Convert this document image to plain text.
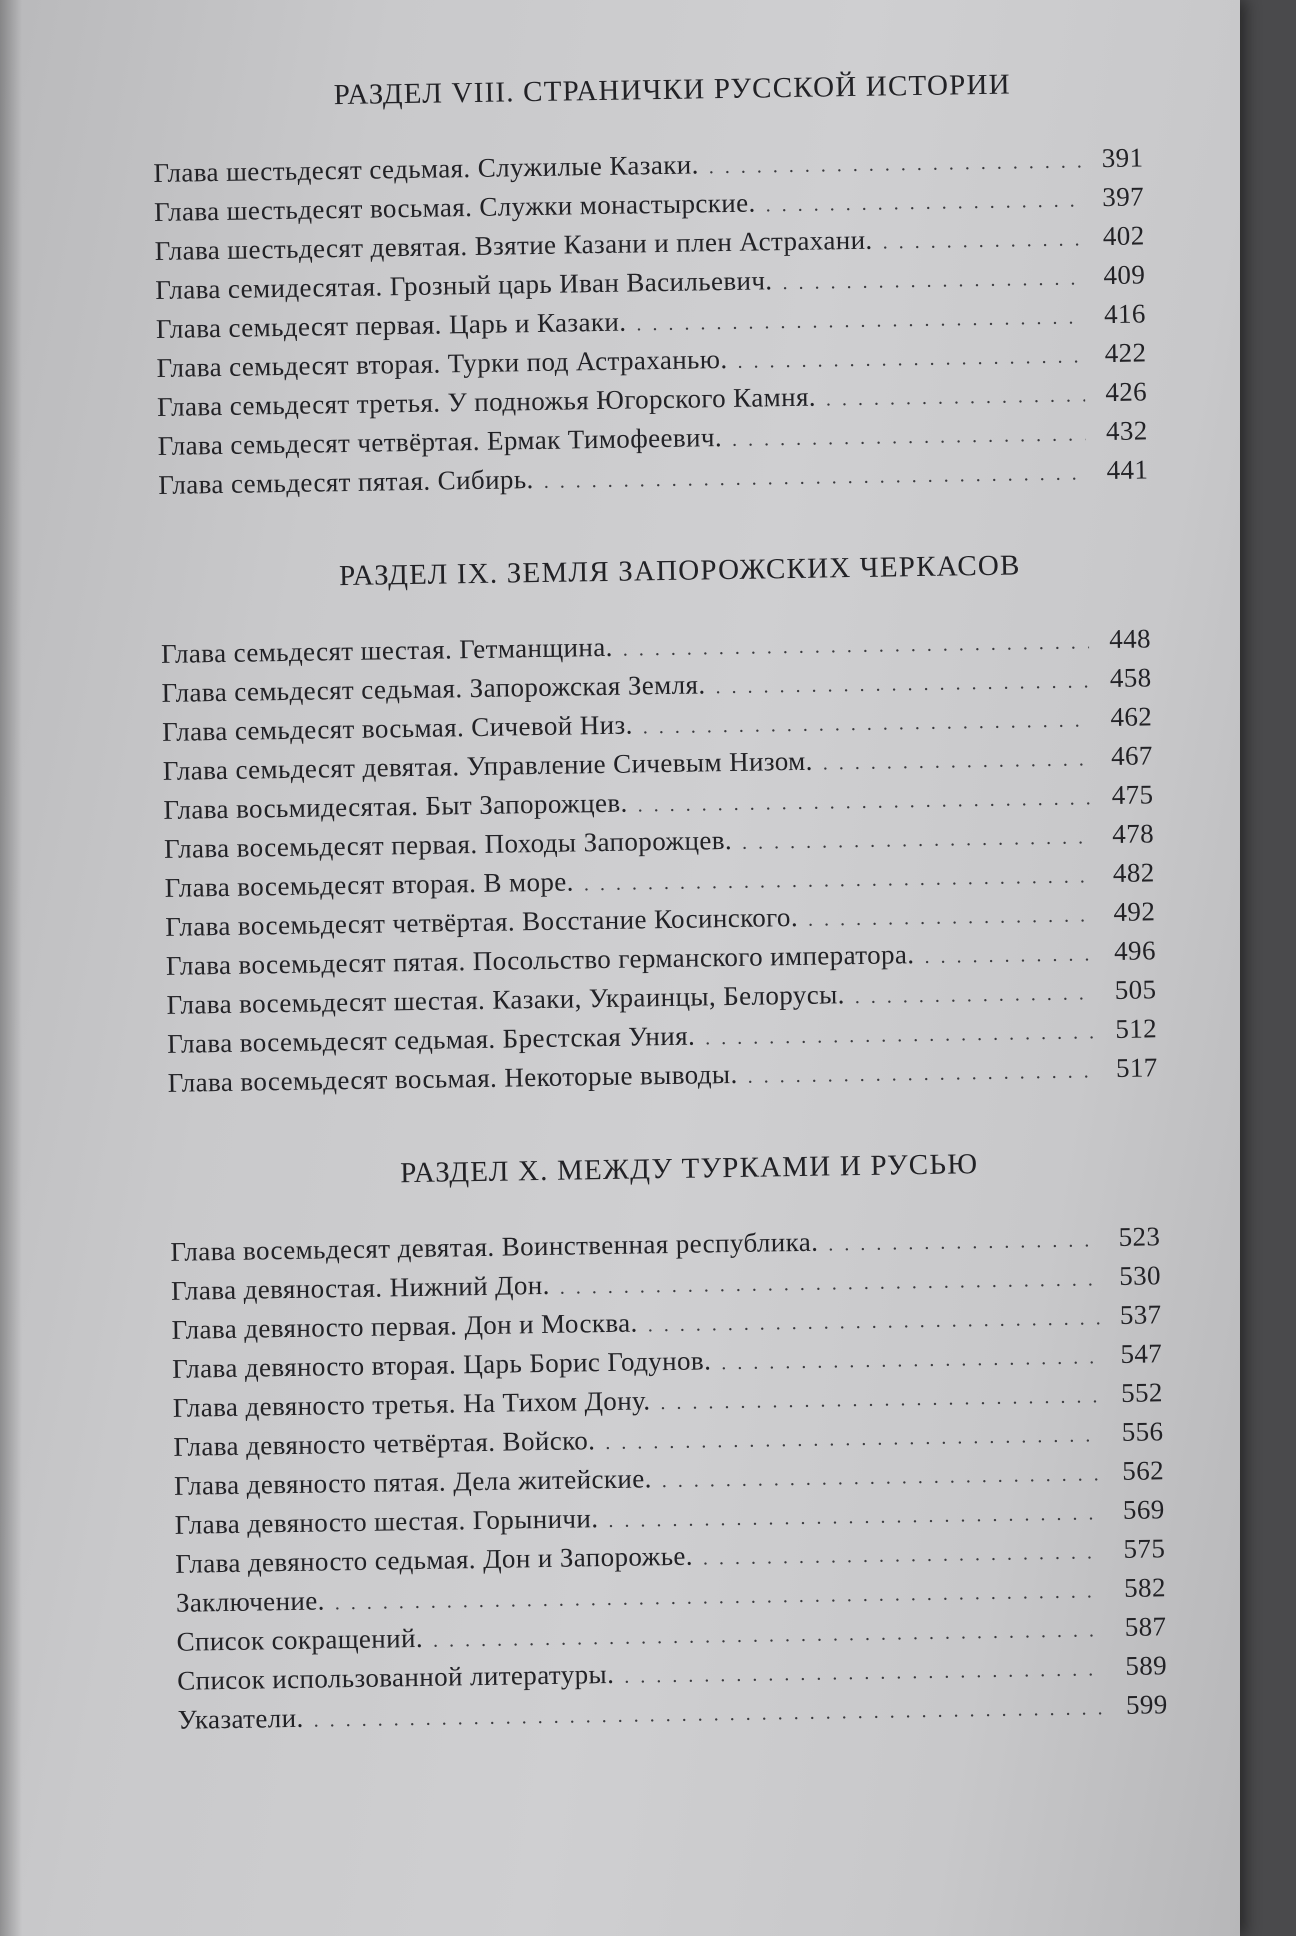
РАЗДЕЛ VIII. СТРАНИЧКИ РУССКОЙ ИСТОРИИ
Глава шестьдесят седьмая. Служилые Казаки. . . .	391
Глава шестьдесят восьмая. Служки монастырские. . . .	397
Глава шестьдесят девятая. Взятие Казани и плен Астрахани. . . .	402
Глава семидесятая. Грозный царь Иван Васильевич. . . .	409
Глава семьдесят первая. Царь и Казаки. . . .	416
Глава семьдесят вторая. Турки под Астраханью. . . .	422
Глава семьдесят третья. У подножья Югорского Камня. . . .	426
Глава семьдесят четвёртая. Ермак Тимофеевич. . . .	432
Глава семьдесят пятая. Сибирь. . . .	441
РАЗДЕЛ IX. ЗЕМЛЯ ЗАПОРОЖСКИХ ЧЕРКАСОВ
Глава семьдесят шестая. Гетманщина. . . .	448
Глава семьдесят седьмая. Запорожская Земля. . . .	458
Глава семьдесят восьмая. Сичевой Низ. . . .	462
Глава семьдесят девятая. Управление Сичевым Низом. . . .	467
Глава восьмидесятая. Быт Запорожцев. . . .	475
Глава восемьдесят первая. Походы Запорожцев. . . .	478
Глава восемьдесят вторая. В море. . . .	482
Глава восемьдесят четвёртая. Восстание Косинского. . . .	492
Глава восемьдесят пятая. Посольство германского императора. . . .	496
Глава восемьдесят шестая. Казаки, Украинцы, Белорусы. . . .	505
Глава восемьдесят седьмая. Брестская Уния. . . .	512
Глава восемьдесят восьмая. Некоторые выводы. . . .	517
РАЗДЕЛ X. МЕЖДУ ТУРКАМИ И РУСЬЮ
Глава восемьдесят девятая. Воинственная республика. . . .	523
Глава девяностая. Нижний Дон. . . .	530
Глава девяносто первая. Дон и Москва. . . .	537
Глава девяносто вторая. Царь Борис Годунов. . . .	547
Глава девяносто третья. На Тихом Дону. . . .	552
Глава девяносто четвёртая. Войско. . . .	556
Глава девяносто пятая. Дела житейские. . . .	562
Глава девяносто шестая. Горыничи. . . .	569
Глава девяносто седьмая. Дон и Запорожье. . . .	575
Заключение. . . .	582
Список сокращений. . . .	587
Список использованной литературы. . . .	589
Указатели. . . .	599
